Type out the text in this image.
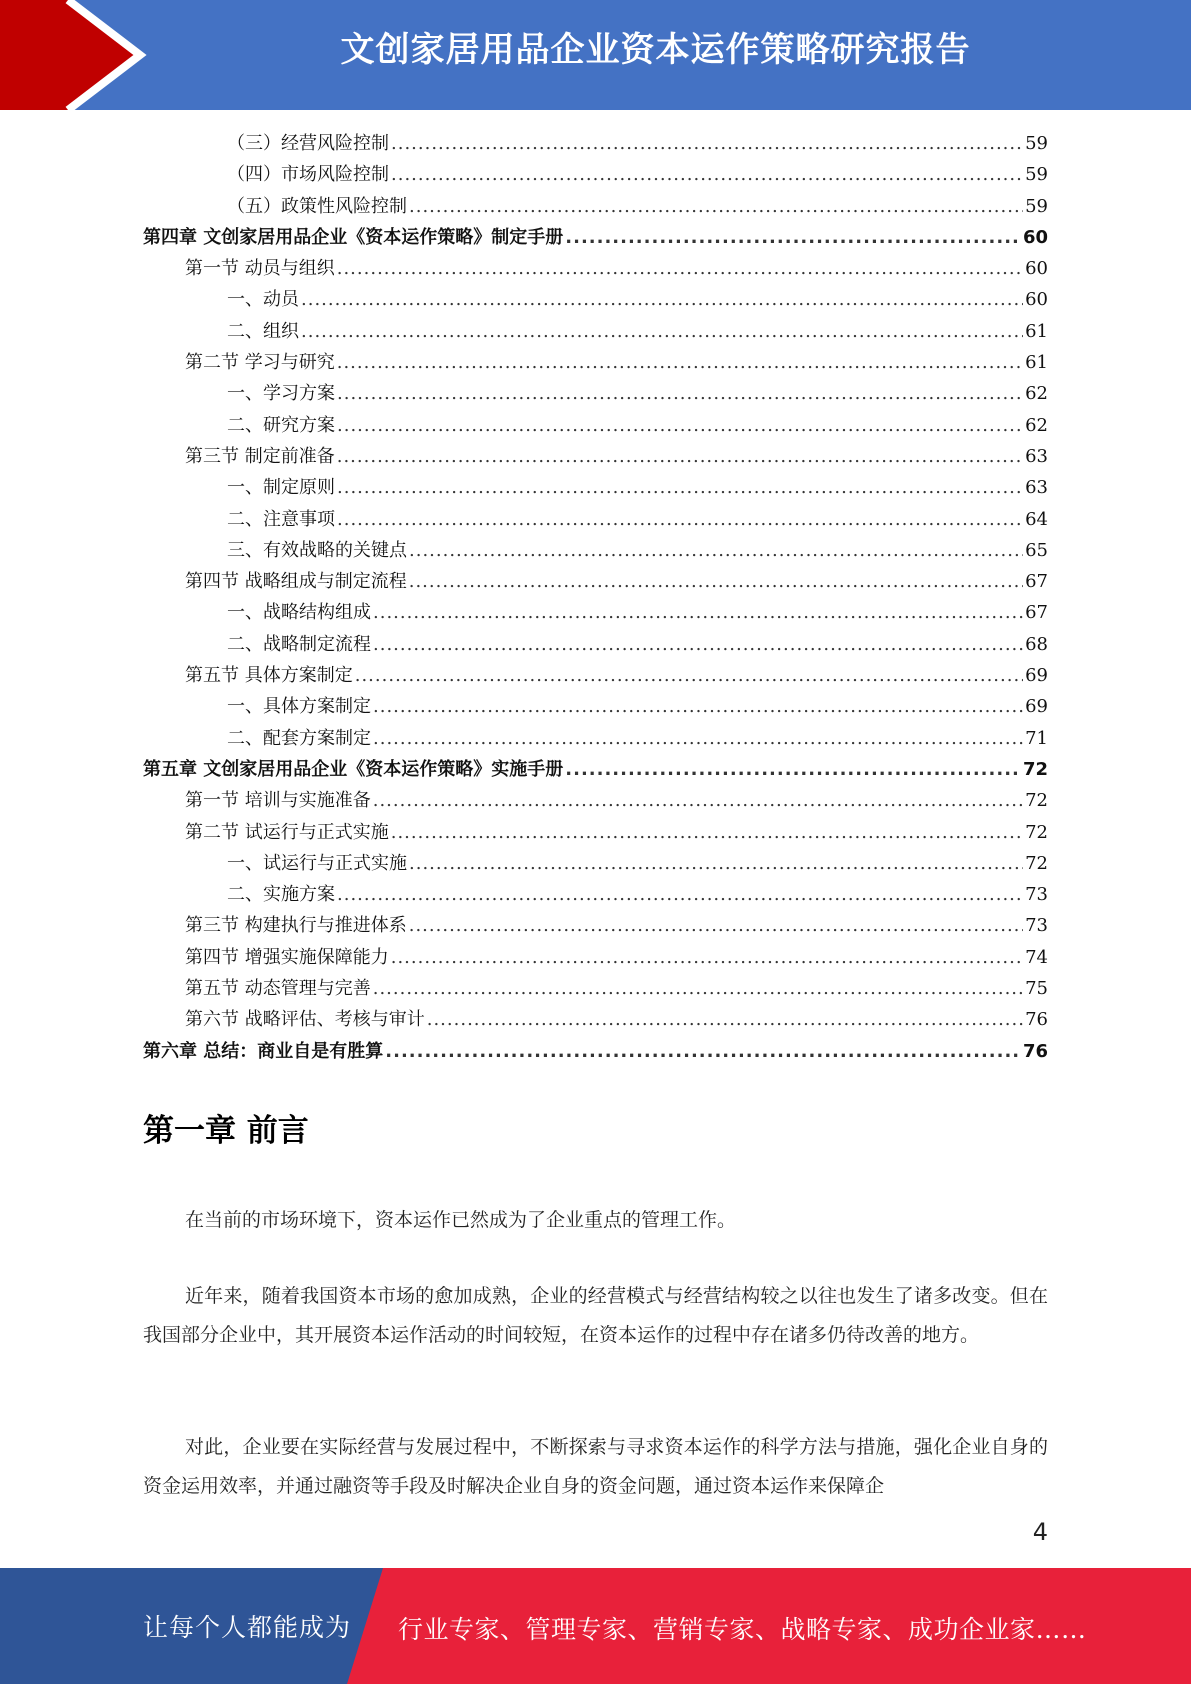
文创家居用品企业资本运作策略研究报告
（三）经营风险控制 .....	59
（四）市场风险控制 .....	59
（五）政策性风险控制 .....	59
第四章 文创家居用品企业《资本运作策略》制定手册 .....	60
第一节 动员与组织 .....	60
一、动员 .....	60
二、组织 .....	61
第二节 学习与研究 .....	61
一、学习方案 .....	62
二、研究方案 .....	62
第三节 制定前准备 .....	63
一、制定原则 .....	63
二、注意事项 .....	64
三、有效战略的关键点 .....	65
第四节 战略组成与制定流程 .....	67
一、战略结构组成 .....	67
二、战略制定流程 .....	68
第五节 具体方案制定 .....	69
一、具体方案制定 .....	69
二、配套方案制定 .....	71
第五章 文创家居用品企业《资本运作策略》实施手册 .....	72
第一节 培训与实施准备 .....	72
第二节 试运行与正式实施 .....	72
一、试运行与正式实施 .....	72
二、实施方案 .....	73
第三节 构建执行与推进体系 .....	73
第四节 增强实施保障能力 .....	74
第五节 动态管理与完善 .....	75
第六节 战略评估、考核与审计 .....	76
第六章 总结：商业自是有胜算 .....	76
第一章 前言
在当前的市场环境下，资本运作已然成为了企业重点的管理工作。
近年来，随着我国资本市场的愈加成熟，企业的经营模式与经营结构较之以往也发生了诸多改变。但在我国部分企业中，其开展资本运作活动的时间较短，在资本运作的过程中存在诸多仍待改善的地方。
对此，企业要在实际经营与发展过程中，不断探索与寻求资本运作的科学方法与措施，强化企业自身的资金运用效率，并通过融资等手段及时解决企业自身的资金问题，通过资本运作来保障企
4
让每个人都能成为 行业专家、管理专家、营销专家、战略专家、成功企业家……
